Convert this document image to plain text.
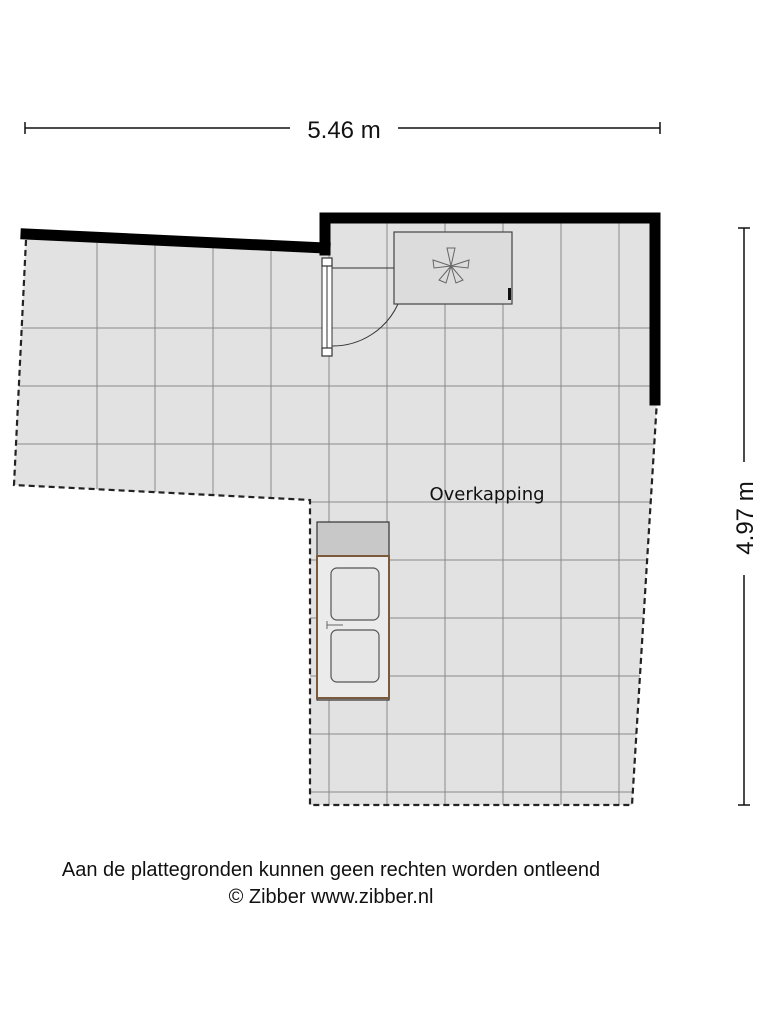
5.46 m
4.97 m
Overkapping
Aan de plattegronden kunnen geen rechten worden ontleend
© Zibber www.zibber.nl
